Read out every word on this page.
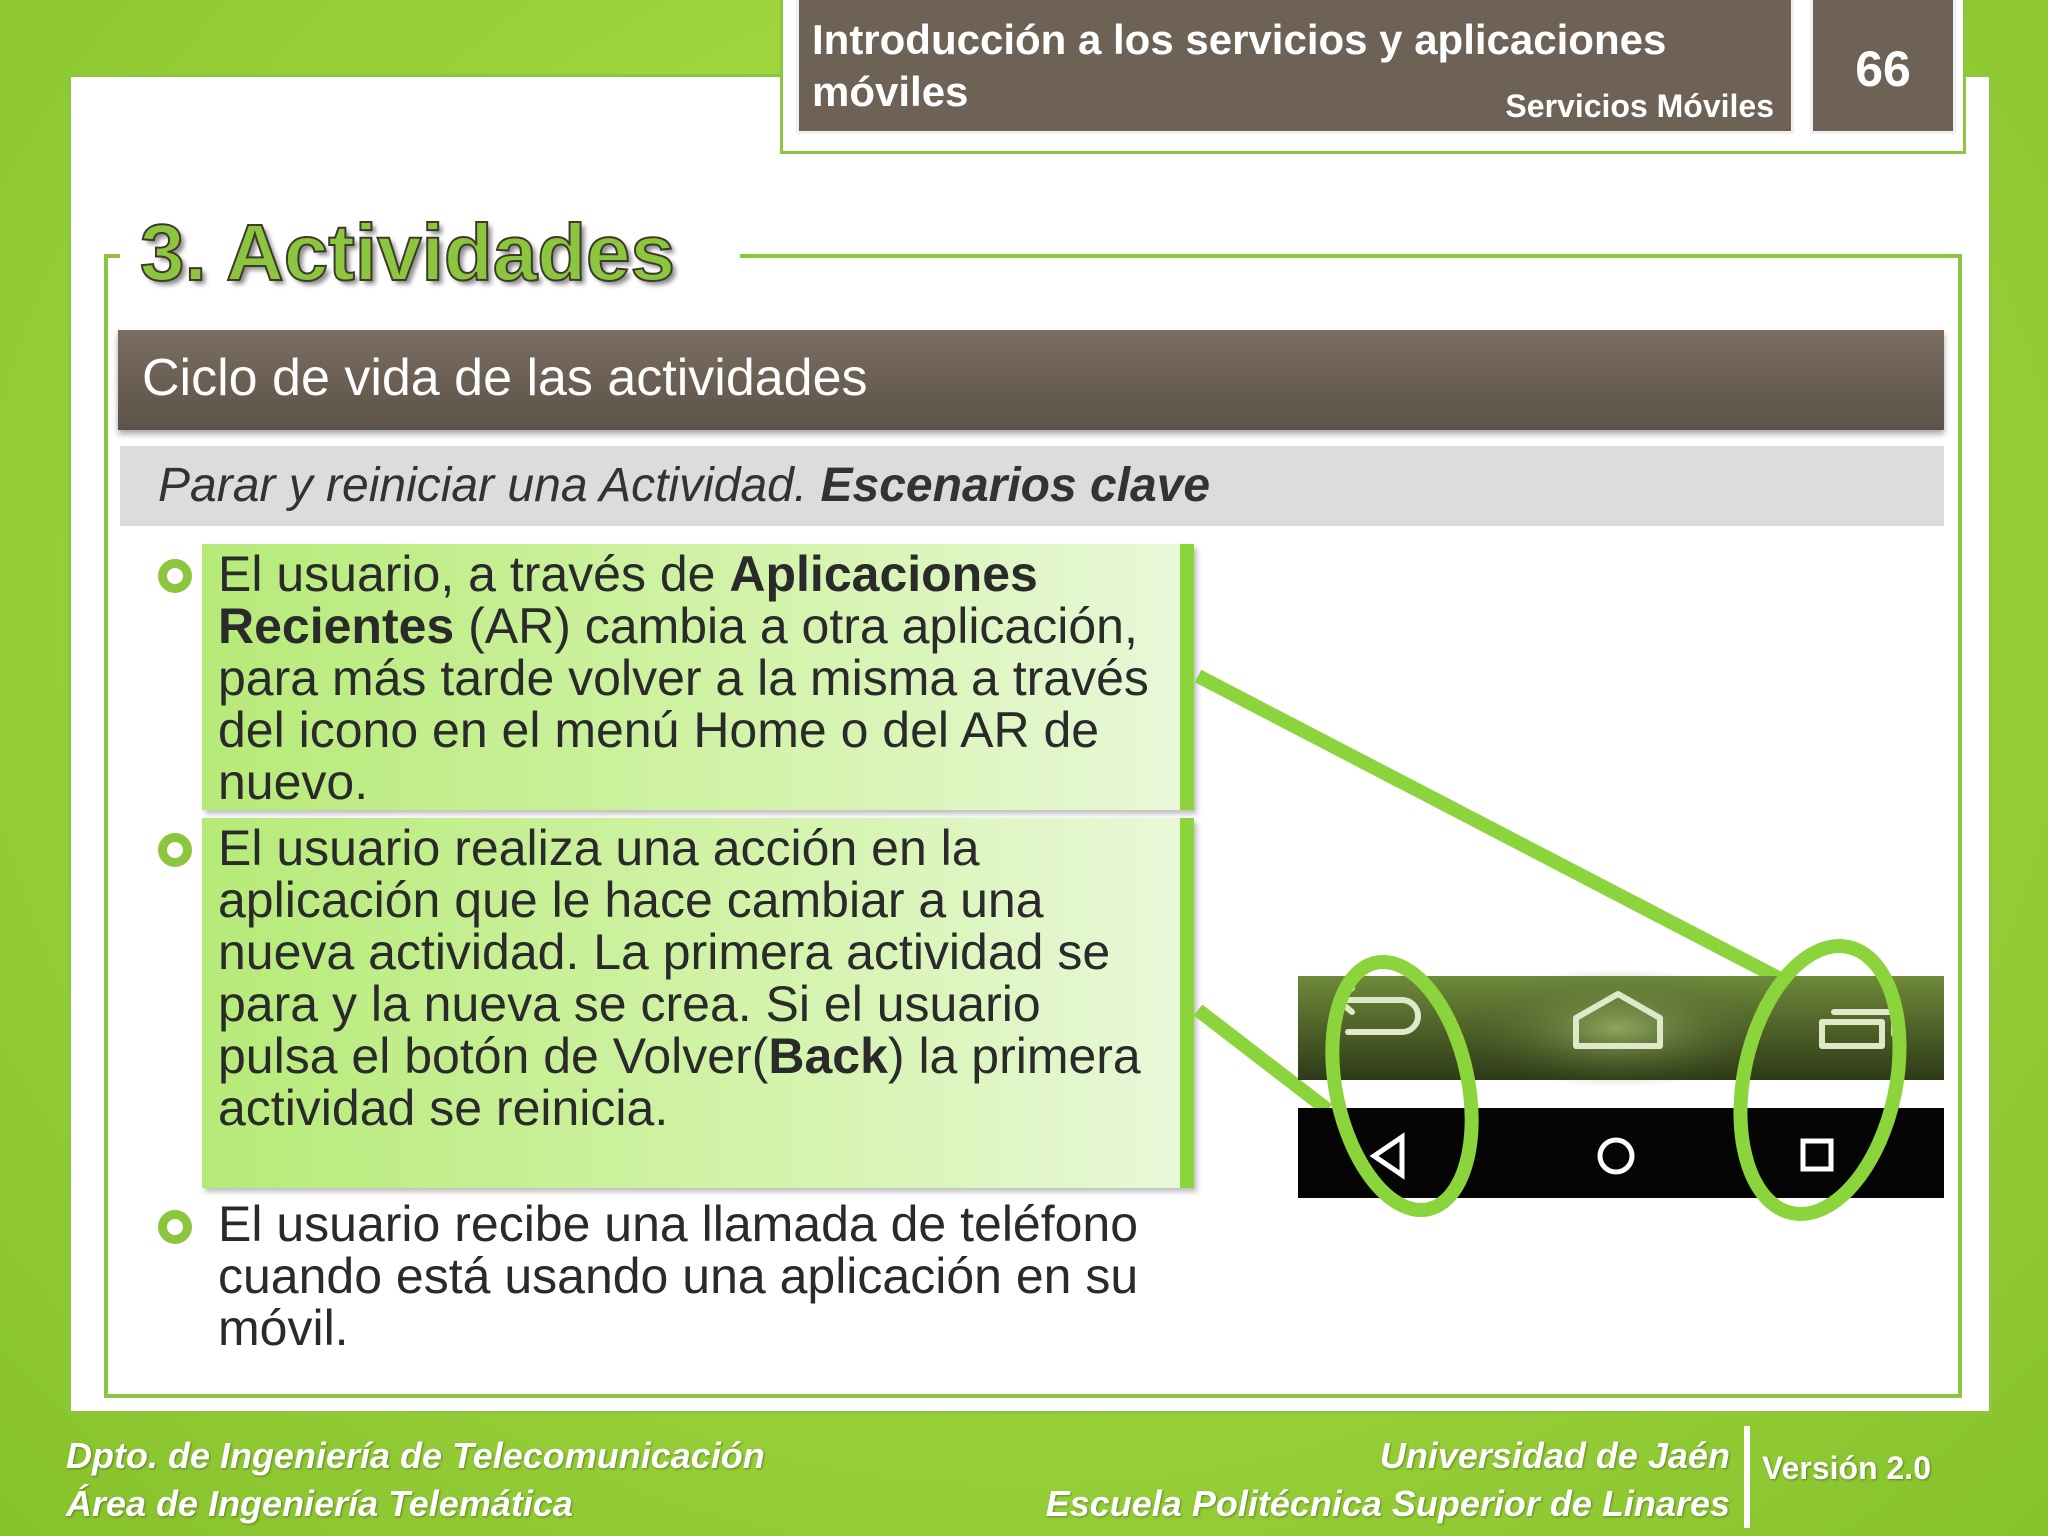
Introducción a los servicios y aplicaciones móviles	Servicios Móviles
66
3. Actividades
Ciclo de vida de las actividades
Parar y reiniciar una Actividad. Escenarios clave
El usuario, a través de Aplicaciones Recientes (AR) cambia a otra aplicación, para más tarde volver a la misma a través del icono en el menú Home o del AR de nuevo.
El usuario realiza una acción en la aplicación que le hace cambiar a una nueva actividad. La primera actividad se para y la nueva se crea. Si el usuario pulsa el botón de Volver(Back) la primera actividad se reinicia.
El usuario recibe una llamada de teléfono cuando está usando una aplicación en su móvil.
Dpto. de Ingeniería de Telecomunicación
Área de Ingeniería Telemática
Universidad de Jaén
Escuela Politécnica Superior de Linares
Versión 2.0
